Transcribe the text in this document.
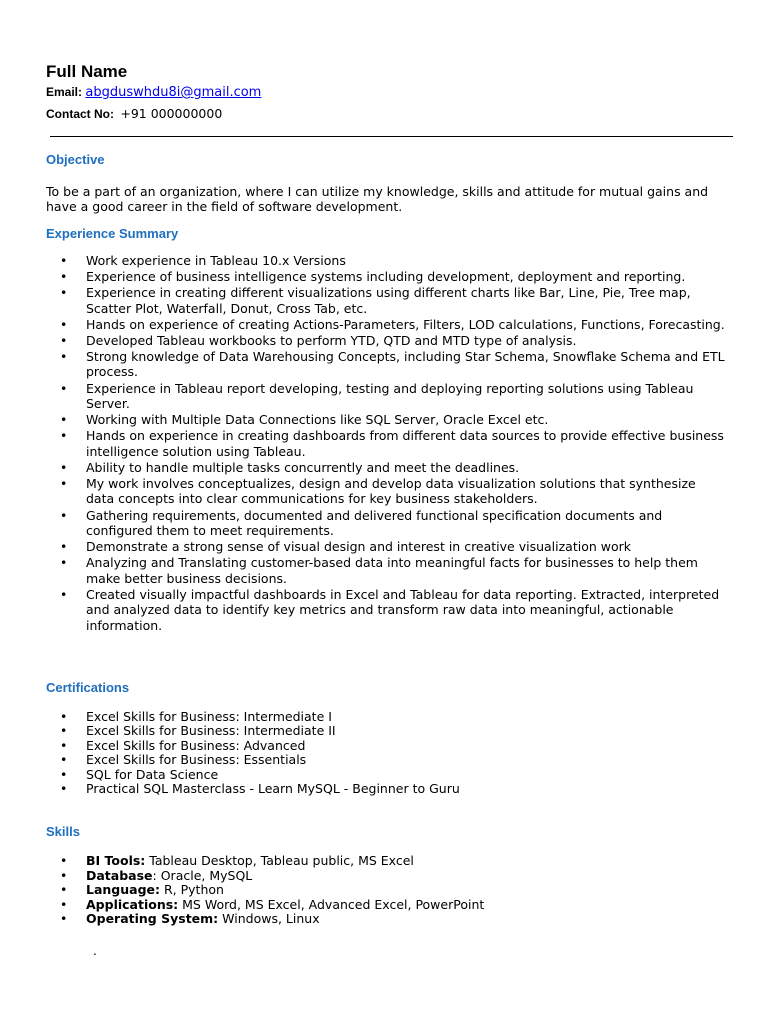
Full Name
Email: abgduswhdu8i@gmail.com
Contact No: +91 000000000
Objective
To be a part of an organization, where I can utilize my knowledge, skills and attitude for mutual gains and have a good career in the field of software development.
Experience Summary
• Work experience in Tableau 10.x Versions
• Experience of business intelligence systems including development, deployment and reporting.
• Experience in creating different visualizations using different charts like Bar, Line, Pie, Tree map, Scatter Plot, Waterfall, Donut, Cross Tab, etc.
• Hands on experience of creating Actions-Parameters, Filters, LOD calculations, Functions, Forecasting.
• Developed Tableau workbooks to perform YTD, QTD and MTD type of analysis.
• Strong knowledge of Data Warehousing Concepts, including Star Schema, Snowflake Schema and ETL process.
• Experience in Tableau report developing, testing and deploying reporting solutions using Tableau Server.
• Working with Multiple Data Connections like SQL Server, Oracle Excel etc.
• Hands on experience in creating dashboards from different data sources to provide effective business intelligence solution using Tableau.
• Ability to handle multiple tasks concurrently and meet the deadlines.
• My work involves conceptualizes, design and develop data visualization solutions that synthesize data concepts into clear communications for key business stakeholders.
• Gathering requirements, documented and delivered functional specification documents and configured them to meet requirements.
• Demonstrate a strong sense of visual design and interest in creative visualization work
• Analyzing and Translating customer-based data into meaningful facts for businesses to help them make better business decisions.
• Created visually impactful dashboards in Excel and Tableau for data reporting. Extracted, interpreted and analyzed data to identify key metrics and transform raw data into meaningful, actionable information.
Certifications
• Excel Skills for Business: Intermediate I
• Excel Skills for Business: Intermediate II
• Excel Skills for Business: Advanced
• Excel Skills for Business: Essentials
• SQL for Data Science
• Practical SQL Masterclass - Learn MySQL - Beginner to Guru
Skills
• BI Tools: Tableau Desktop, Tableau public, MS Excel
• Database: Oracle, MySQL
• Language: R, Python
• Applications: MS Word, MS Excel, Advanced Excel, PowerPoint
• Operating System: Windows, Linux
.
